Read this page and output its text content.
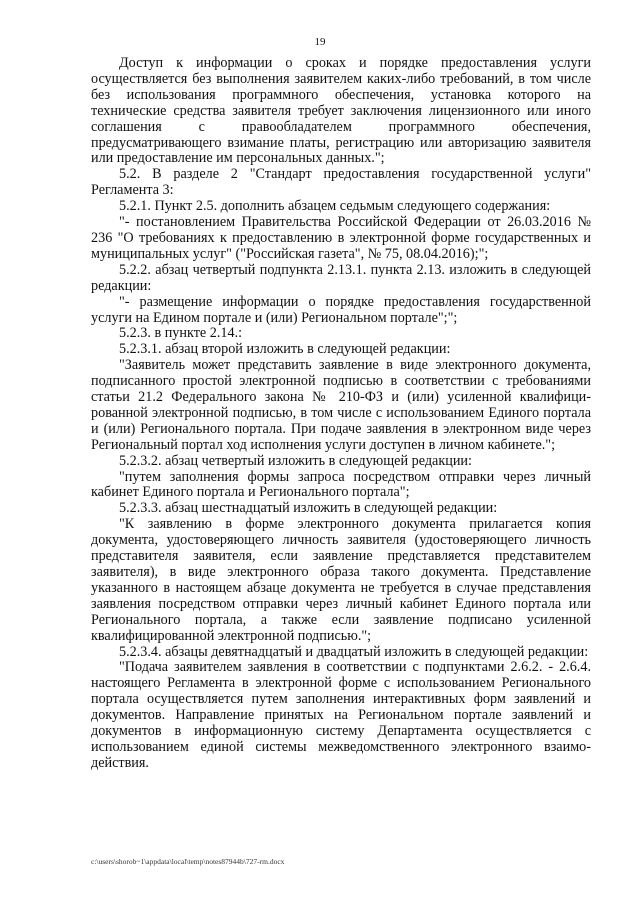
19

Доступ к информации о сроках и порядке предоставления услуги осуществляется без выполнения заявителем каких-либо требований, в том числе без использования программного обеспечения, установка которого на технические средства заявителя требует заключения лицензионного или иного соглашения с правообладателем программного обеспечения, предусматривающего взимание платы, регистрацию или авторизацию заявителя или предоставление им персональных данных.";

5.2. В разделе 2 "Стандарт предоставления государственной услуги" Регламента 3:

5.2.1. Пункт 2.5. дополнить абзацем седьмым следующего содержания:

"- постановлением Правительства Российской Федерации от 26.03.2016 № 236 "О требованиях к предоставлению в электронной форме государственных и муниципальных услуг" ("Российская газета", № 75, 08.04.2016);";

5.2.2. абзац четвертый подпункта 2.13.1. пункта 2.13. изложить в следующей редакции:

"- размещение информации о порядке предоставления государственной услуги на Едином портале и (или) Региональном портале";";

5.2.3. в пункте 2.14.:

5.2.3.1. абзац второй изложить в следующей редакции:

"Заявитель может представить заявление в виде электронного документа, подписанного простой электронной подписью в соответствии с требованиями статьи 21.2 Федерального закона № 210-ФЗ и (или) усиленной квалифици-рованной электронной подписью, в том числе с использованием Единого портала и (или) Регионального портала. При подаче заявления в электронном виде через Региональный портал ход исполнения услуги доступен в личном кабинете.";

5.2.3.2. абзац четвертый изложить в следующей редакции:

"путем заполнения формы запроса посредством отправки через личный кабинет Единого портала и Регионального портала";

5.2.3.3. абзац шестнадцатый изложить в следующей редакции:

"К заявлению в форме электронного документа прилагается копия документа, удостоверяющего личность заявителя (удостоверяющего личность представителя заявителя, если заявление представляется представителем заявителя), в виде электронного образа такого документа. Представление указанного в настоящем абзаце документа не требуется в случае представления заявления посредством отправки через личный кабинет Единого портала или Регионального портала, а также если заявление подписано усиленной квалифицированной электронной подписью.";

5.2.3.4. абзацы девятнадцатый и двадцатый изложить в следующей редакции:

"Подача заявителем заявления в соответствии с подпунктами 2.6.2. - 2.6.4. настоящего Регламента в электронной форме с использованием Регионального портала осуществляется путем заполнения интерактивных форм заявлений и документов. Направление принятых на Региональном портале заявлений и документов в информационную систему Департамента осуществляется с использованием единой системы межведомственного электронного взаимо-действия.

c:\users\shorob~1\appdata\local\temp\notes87944b\727-rm.docx
